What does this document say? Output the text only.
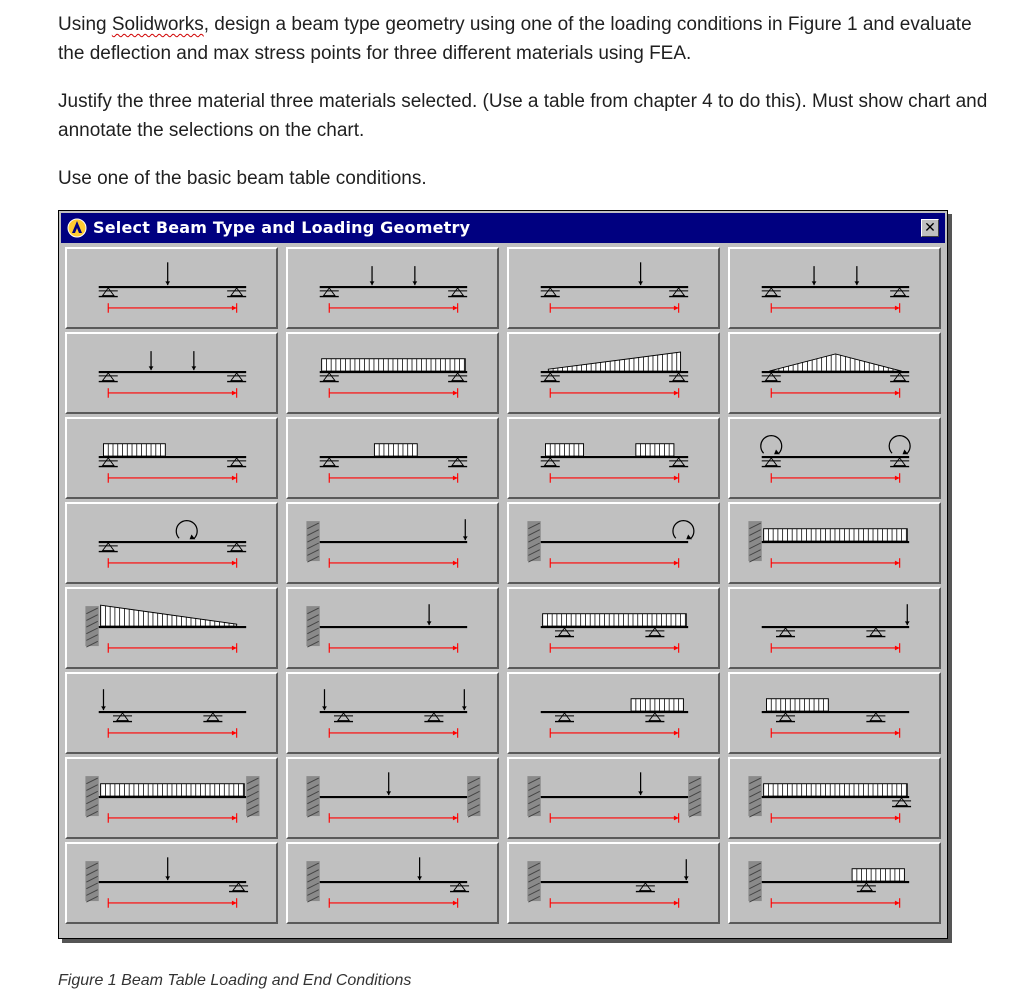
Using Solidworks, design a beam type geometry using one of the loading conditions in Figure 1 and evaluate the deflection and max stress points for three different materials using FEA.
Justify the three material three materials selected. (Use a table from chapter 4 to do this). Must show chart and annotate the selections on the chart.
Use one of the basic beam table conditions.
Select Beam Type and Loading Geometry	✕
Figure 1 Beam Table Loading and End Conditions
